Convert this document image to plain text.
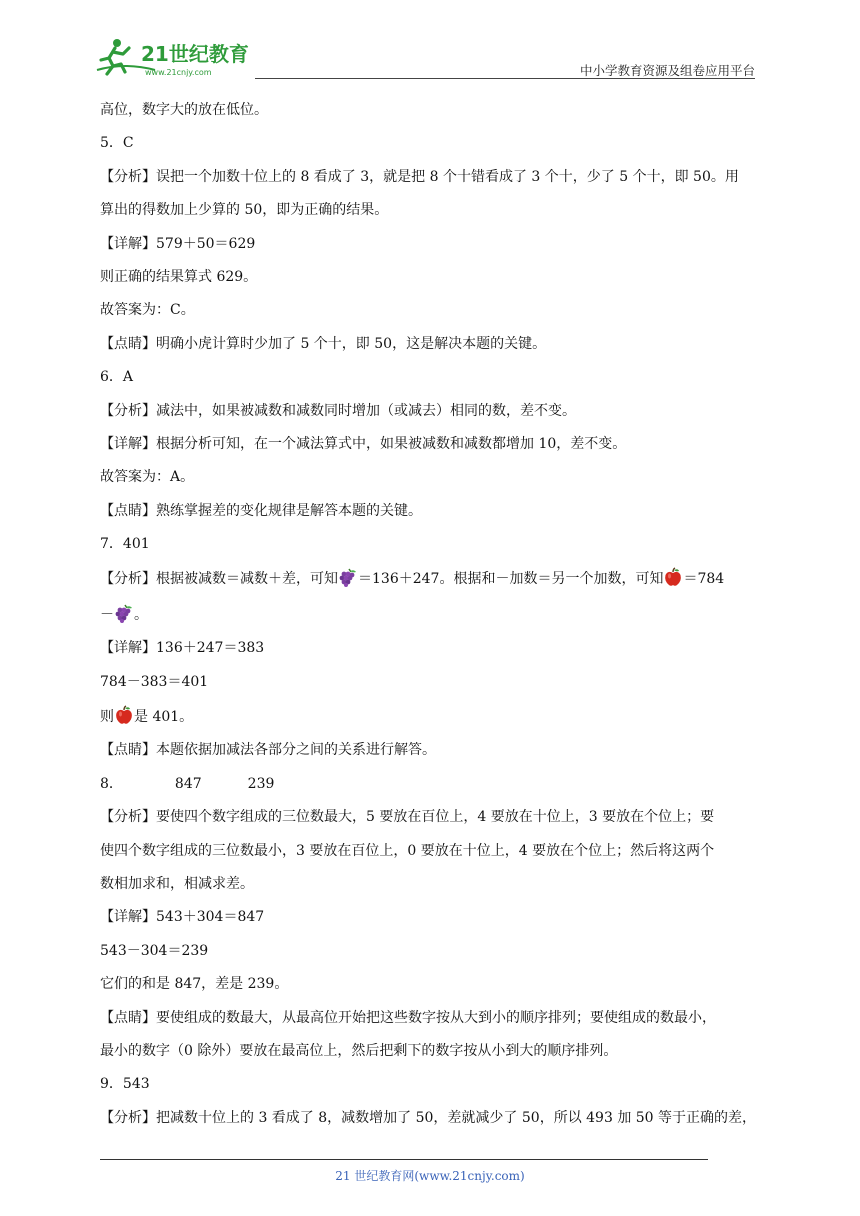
21世纪教育
www.21cnjy.com	中小学教育资源及组卷应用平台

高位，数字大的放在低位。

5．C

【分析】误把一个加数十位上的 8 看成了 3，就是把 8 个十错看成了 3 个十，少了 5 个十，即 50。用

算出的得数加上少算的 50，即为正确的结果。

【详解】579＋50＝629

则正确的结果算式 629。

故答案为：C。

【点睛】明确小虎计算时少加了 5 个十，即 50，这是解决本题的关键。

6．A

【分析】减法中，如果被减数和减数同时增加（或减去）相同的数，差不变。

【详解】根据分析可知，在一个减法算式中，如果被减数和减数都增加 10，差不变。

故答案为：A。

【点睛】熟练掌握差的变化规律是解答本题的关键。

7．401

【分析】根据被减数＝减数＋差，可知 ＝136＋247。根据和－加数＝另一个加数，可知 ＝784

－ 。

【详解】136＋247＝383

784－383＝401

则 是 401。

【点睛】本题依据加减法各部分之间的关系进行解答。

8．	847	239

【分析】要使四个数字组成的三位数最大，5 要放在百位上，4 要放在十位上，3 要放在个位上；要

使四个数字组成的三位数最小，3 要放在百位上，0 要放在十位上，4 要放在个位上；然后将这两个

数相加求和，相减求差。

【详解】543＋304＝847

543－304＝239

它们的和是 847，差是 239。

【点睛】要使组成的数最大，从最高位开始把这些数字按从大到小的顺序排列；要使组成的数最小，

最小的数字（0 除外）要放在最高位上，然后把剩下的数字按从小到大的顺序排列。

9．543

【分析】把减数十位上的 3 看成了 8，减数增加了 50，差就减少了 50，所以 493 加 50 等于正确的差，

21 世纪教育网(www.21cnjy.com)
